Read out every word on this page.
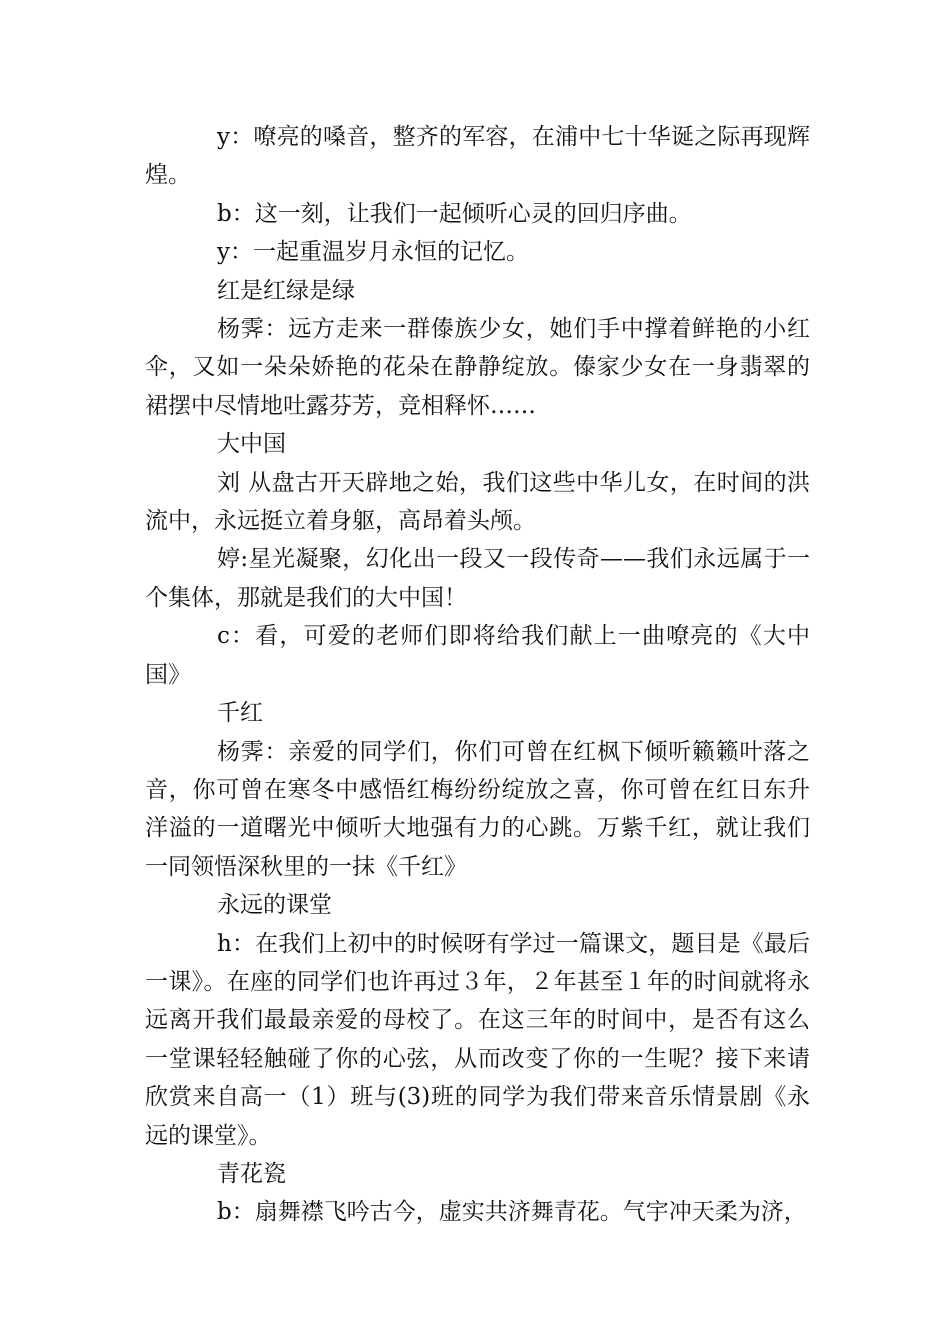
y：嘹亮的嗓音，整齐的军容，在浦中七十华诞之际再现辉煌。

b：这一刻，让我们一起倾听心灵的回归序曲。

y：一起重温岁月永恒的记忆。

红是红绿是绿

杨霁：远方走来一群傣族少女，她们手中撑着鲜艳的小红伞，又如一朵朵娇艳的花朵在静静绽放。傣家少女在一身翡翠的裙摆中尽情地吐露芬芳，竞相释怀……

大中国

刘 从盘古开天辟地之始，我们这些中华儿女，在时间的洪流中，永远挺立着身躯，高昂着头颅。

婷:星光凝聚，幻化出一段又一段传奇——我们永远属于一个集体，那就是我们的大中国！

c：看，可爱的老师们即将给我们献上一曲嘹亮的《大中国》

千红

杨霁：亲爱的同学们，你们可曾在红枫下倾听籁籁叶落之音，你可曾在寒冬中感悟红梅纷纷绽放之喜，你可曾在红日东升洋溢的一道曙光中倾听大地强有力的心跳。万紫千红，就让我们一同领悟深秋里的一抹《千红》

永远的课堂

h：在我们上初中的时候呀有学过一篇课文，题目是《最后一课》。在座的同学们也许再过３年，２年甚至１年的时间就将永远离开我们最最亲爱的母校了。在这三年的时间中，是否有这么一堂课轻轻触碰了你的心弦，从而改变了你的一生呢？接下来请欣赏来自高一（1）班与(3)班的同学为我们带来音乐情景剧《永远的课堂》。

青花瓷

b：扇舞襟飞吟古今，虚实共济舞青花。气宇冲天柔为济，
